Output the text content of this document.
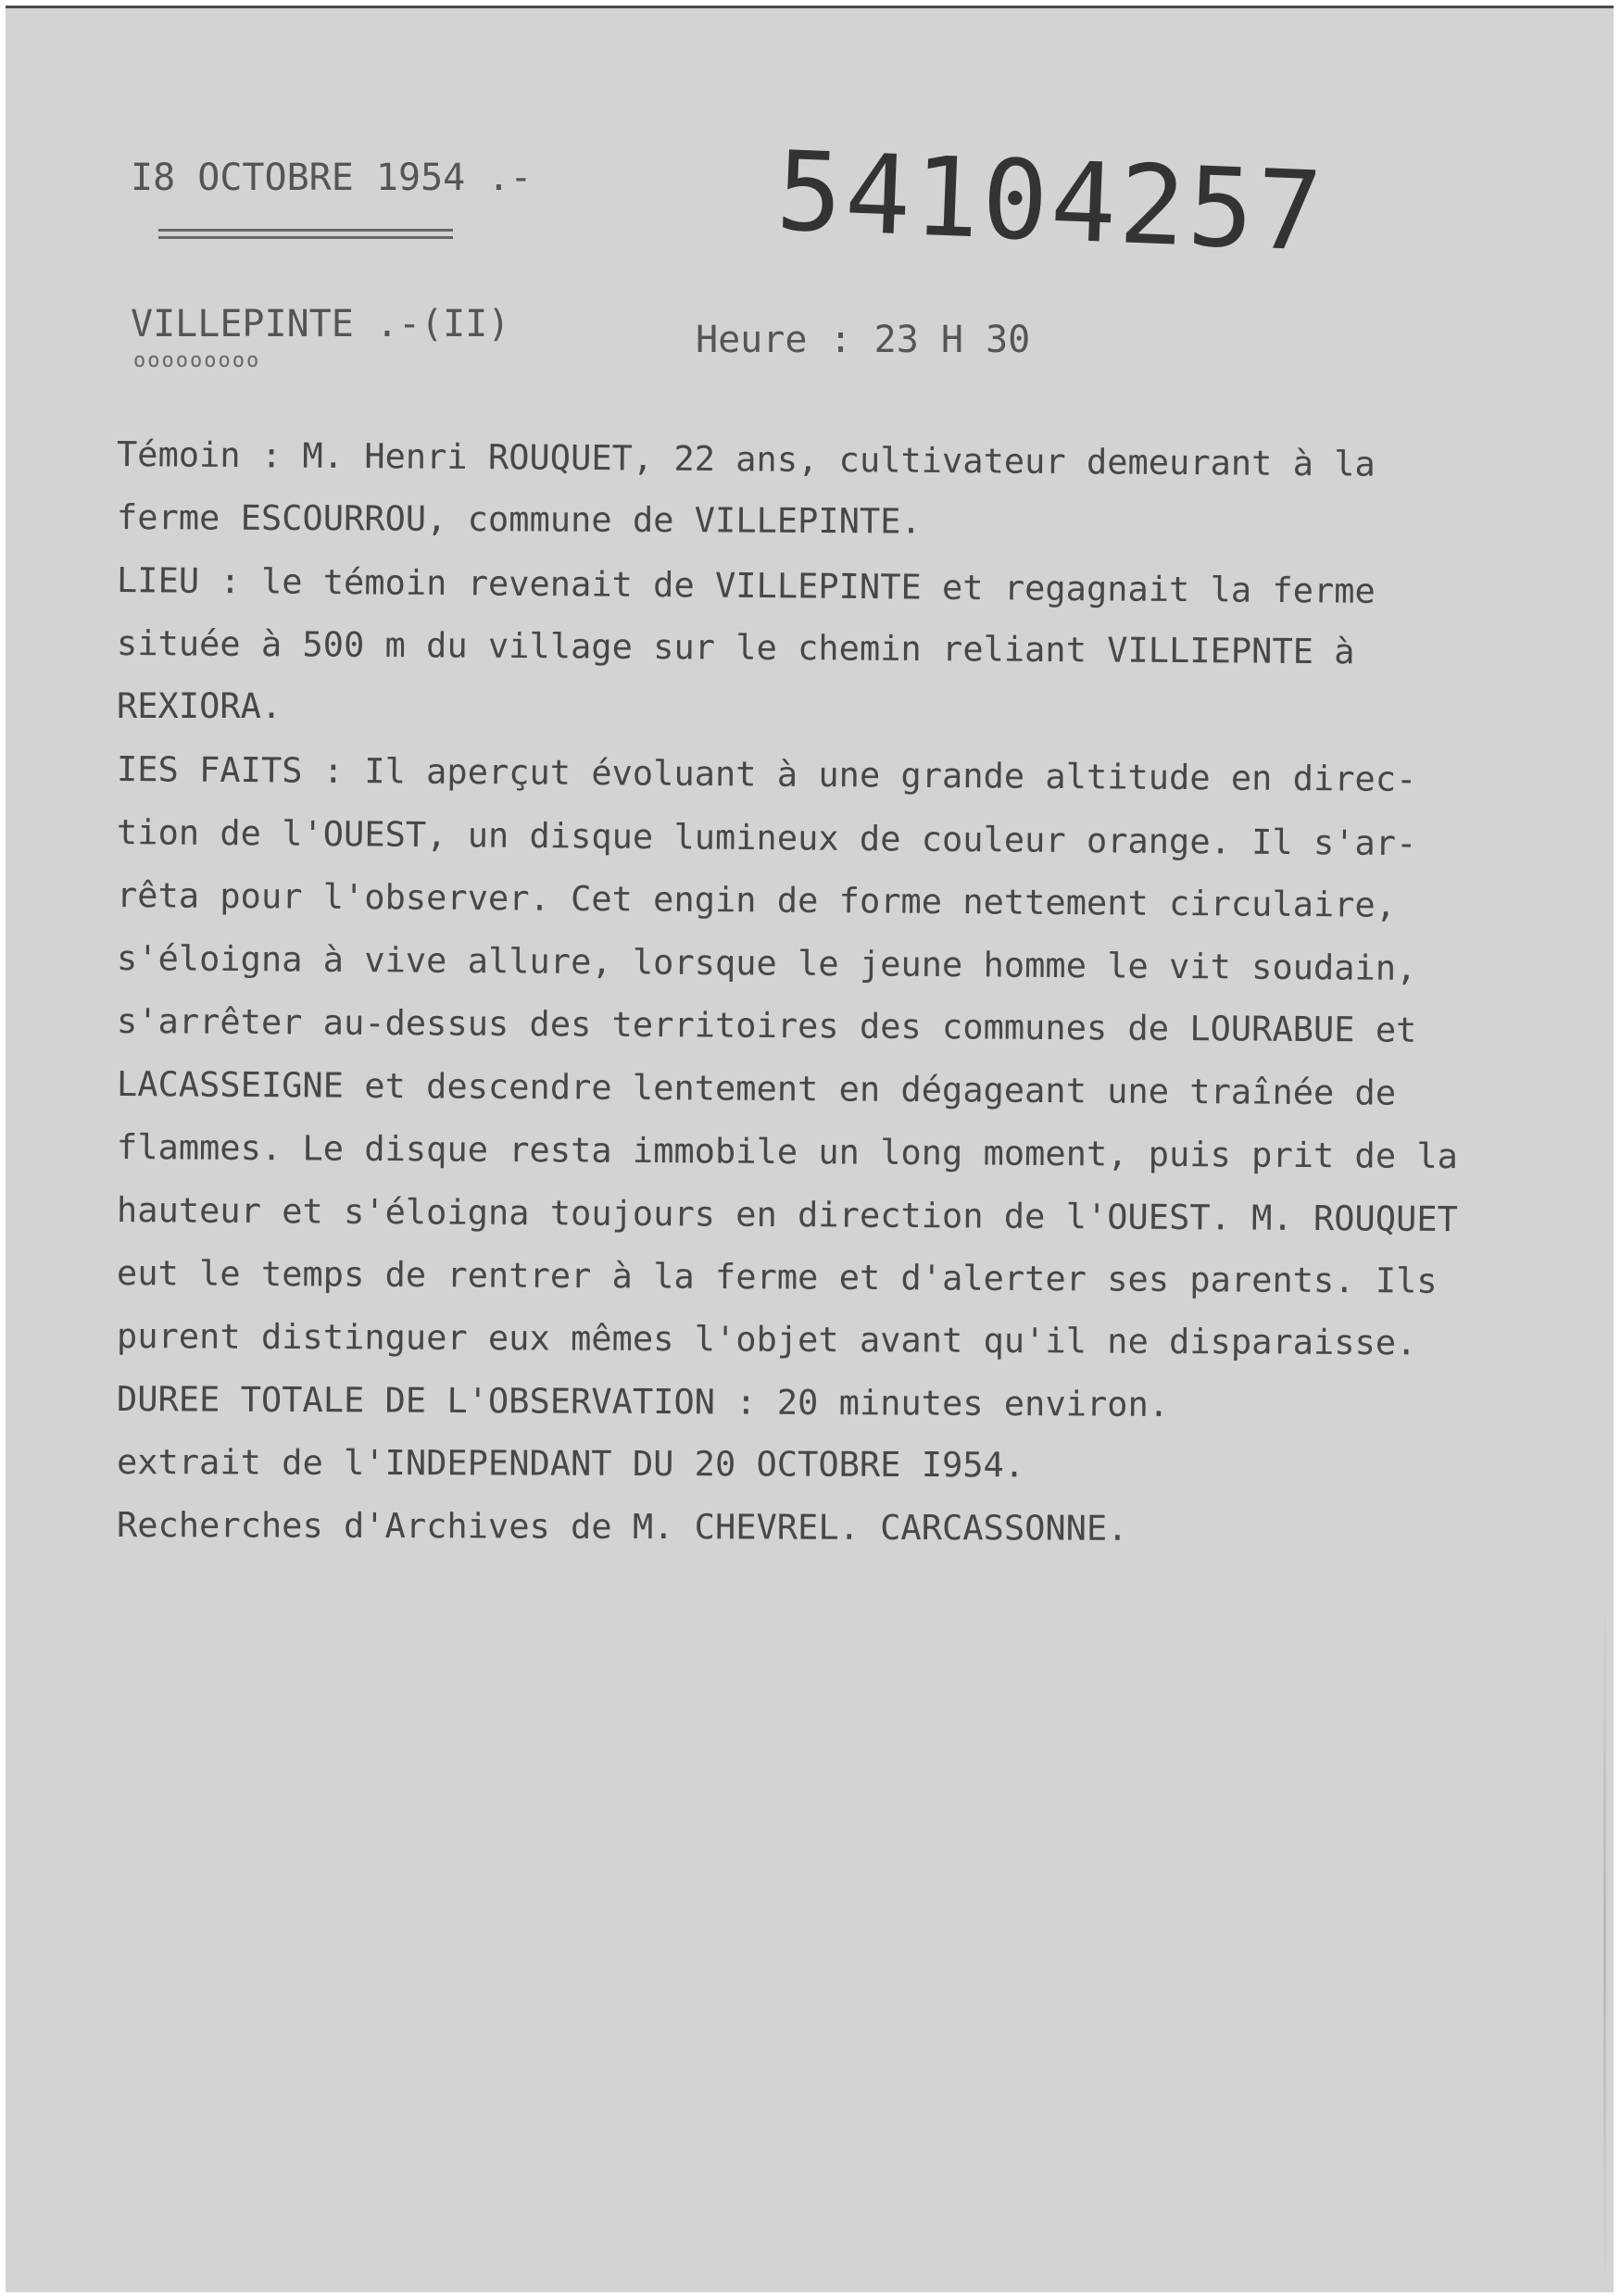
I8 OCTOBRE 1954 .- 54104257
VILLEPINTE .-(II)
ooooooooo	Heure : 23 H 30
Témoin : M. Henri ROUQUET, 22 ans, cultivateur demeurant à la
ferme ESCOURROU, commune de VILLEPINTE.
LIEU : le témoin revenait de VILLEPINTE et regagnait la ferme
située à 500 m du village sur le chemin reliant VILLIEPNTE à
REXIORA.
IES FAITS : Il aperçut évoluant à une grande altitude en direc-
tion de l'OUEST, un disque lumineux de couleur orange. Il s'ar-
rêta pour l'observer. Cet engin de forme nettement circulaire,
s'éloigna à vive allure, lorsque le jeune homme le vit soudain,
s'arrêter au-dessus des territoires des communes de LOURABUE et
LACASSEIGNE et descendre lentement en dégageant une traînée de
flammes. Le disque resta immobile un long moment, puis prit de la
hauteur et s'éloigna toujours en direction de l'OUEST. M. ROUQUET
eut le temps de rentrer à la ferme et d'alerter ses parents. Ils
purent distinguer eux mêmes l'objet avant qu'il ne disparaisse.
DUREE TOTALE DE L'OBSERVATION : 20 minutes environ.
extrait de l'INDEPENDANT DU 20 OCTOBRE I954.
Recherches d'Archives de M. CHEVREL. CARCASSONNE.
